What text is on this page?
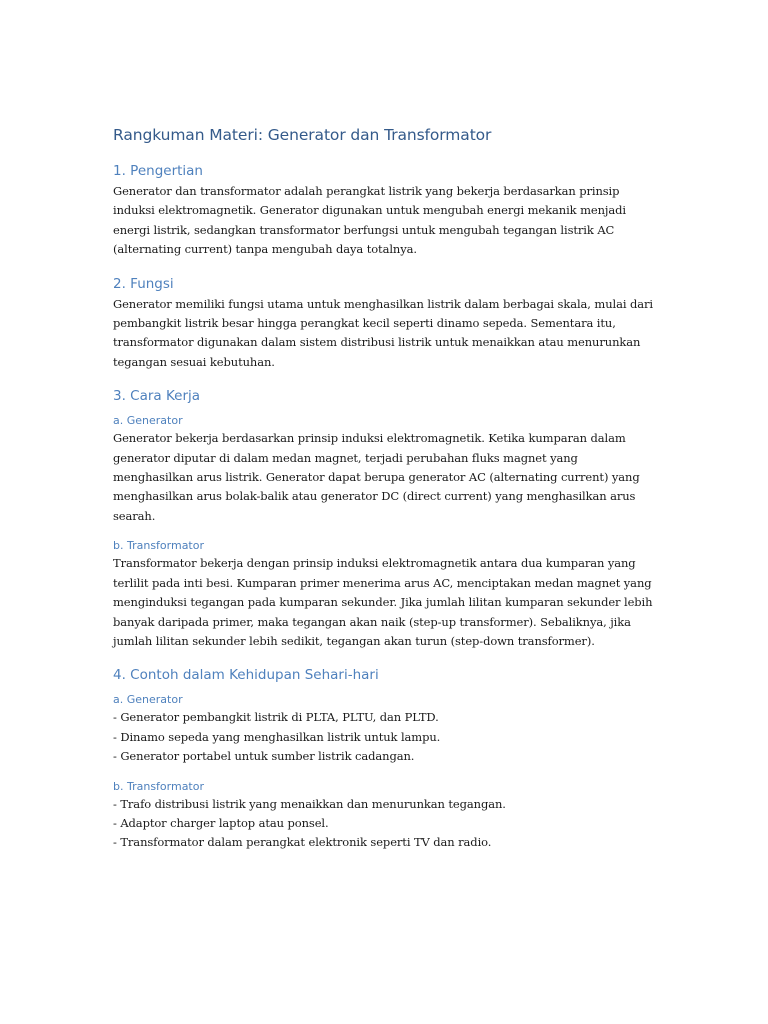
Rangkuman Materi: Generator dan Transformator
1. Pengertian

Generator dan transformator adalah perangkat listrik yang bekerja berdasarkan prinsip induksi elektromagnetik. Generator digunakan untuk mengubah energi mekanik menjadi energi listrik, sedangkan transformator berfungsi untuk mengubah tegangan listrik AC (alternating current) tanpa mengubah daya totalnya.

2. Fungsi

Generator memiliki fungsi utama untuk menghasilkan listrik dalam berbagai skala, mulai dari pembangkit listrik besar hingga perangkat kecil seperti dinamo sepeda. Sementara itu, transformator digunakan dalam sistem distribusi listrik untuk menaikkan atau menurunkan tegangan sesuai kebutuhan.

3. Cara Kerja
a. Generator

Generator bekerja berdasarkan prinsip induksi elektromagnetik. Ketika kumparan dalam generator diputar di dalam medan magnet, terjadi perubahan fluks magnet yang menghasilkan arus listrik. Generator dapat berupa generator AC (alternating current) yang menghasilkan arus bolak-balik atau generator DC (direct current) yang menghasilkan arus searah.

b. Transformator

Transformator bekerja dengan prinsip induksi elektromagnetik antara dua kumparan yang terlilit pada inti besi. Kumparan primer menerima arus AC, menciptakan medan magnet yang menginduksi tegangan pada kumparan sekunder. Jika jumlah lilitan kumparan sekunder lebih banyak daripada primer, maka tegangan akan naik (step-up transformer). Sebaliknya, jika jumlah lilitan sekunder lebih sedikit, tegangan akan turun (step-down transformer).

4. Contoh dalam Kehidupan Sehari-hari
a. Generator
- Generator pembangkit listrik di PLTA, PLTU, dan PLTD.
- Dinamo sepeda yang menghasilkan listrik untuk lampu.
- Generator portabel untuk sumber listrik cadangan.
b. Transformator
- Trafo distribusi listrik yang menaikkan dan menurunkan tegangan.
- Adaptor charger laptop atau ponsel.
- Transformator dalam perangkat elektronik seperti TV dan radio.
